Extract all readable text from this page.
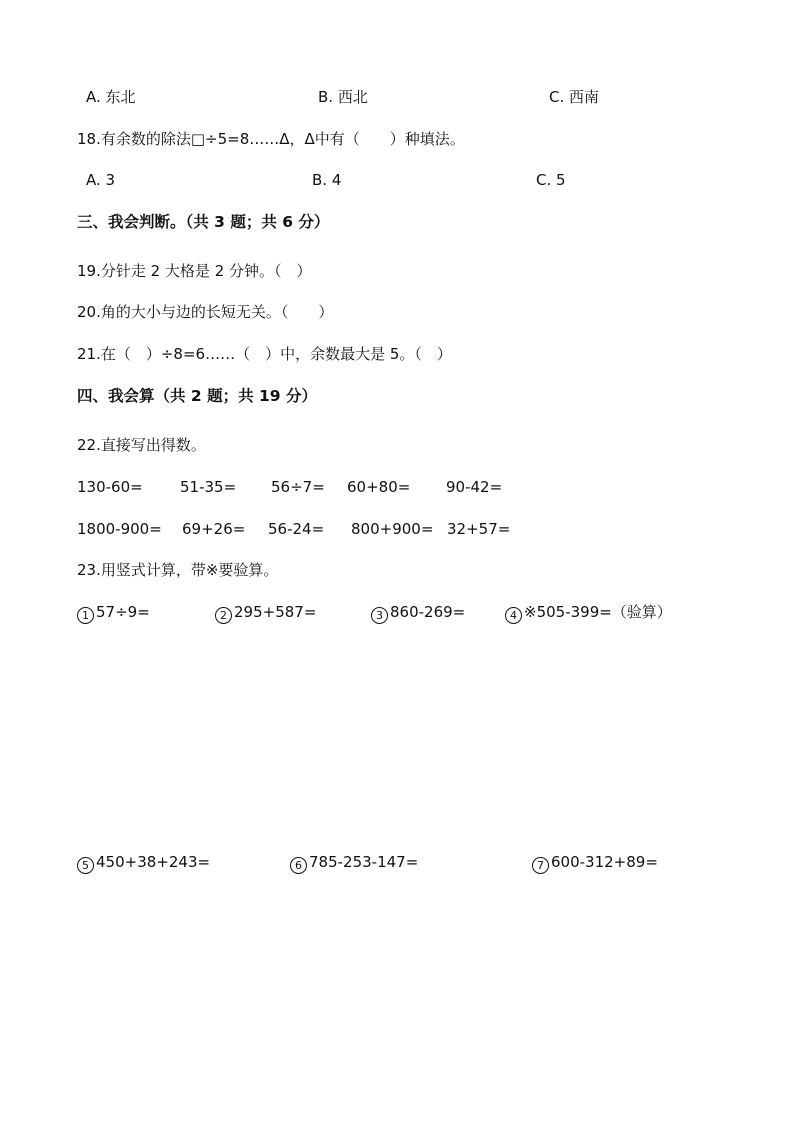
A. 东北	B. 西北	C. 西南
18.有余数的除法□÷5=8……Δ，Δ中有（　　）种填法。
A. 3	B. 4	C. 5
三、我会判断。（共 3 题；共 6 分）
19.分针走 2 大格是 2 分钟。（　）
20.角的大小与边的长短无关。（　　）
21.在（　）÷8=6……（　）中，余数最大是 5。（　）
四、我会算（共 2 题；共 19 分）
22.直接写出得数。
130-60= 51-35= 56÷7= 60+80= 90-42=
1800-900= 69+26= 56-24= 800+900= 32+57=
23.用竖式计算，带※要验算。
1 57÷9=	2 295+587=	3 860-269=	4 ※505-399=（验算）
5 450+38+243=	6 785-253-147=	7 600-312+89=
